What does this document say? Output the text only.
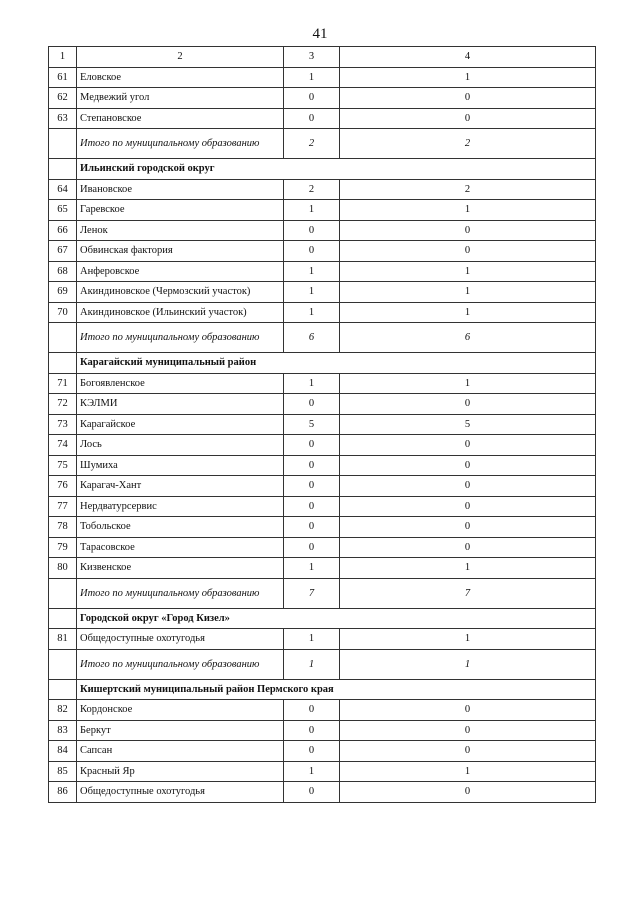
41
1	2	3	4
61	Еловское	1	1
62	Медвежий угол	0	0
63	Степановское	0	0
	Итого по муниципальному образованию	2	2
	Ильинский городской округ		
64	Ивановское	2	2
65	Гаревское	1	1
66	Ленок	0	0
67	Обвинская фактория	0	0
68	Анферовское	1	1
69	Акиндиновское (Чермозский участок)	1	1
70	Акиндиновское (Ильинский участок)	1	1
	Итого по муниципальному образованию	6	6
	Карагайский муниципальный район		
71	Богоявленское	1	1
72	КЭЛМИ	0	0
73	Карагайское	5	5
74	Лось	0	0
75	Шумиха	0	0
76	Карагач-Хант	0	0
77	Нердватурсервис	0	0
78	Тобольское	0	0
79	Тарасовское	0	0
80	Кизвенское	1	1
	Итого по муниципальному образованию	7	7
	Городской округ «Город Кизел»		
81	Общедоступные охотугодья	1	1
	Итого по муниципальному образованию	1	1
	Кишертский муниципальный район Пермского края		
82	Кордонское	0	0
83	Беркут	0	0
84	Сапсан	0	0
85	Красный Яр	1	1
86	Общедоступные охотугодья	0	0
